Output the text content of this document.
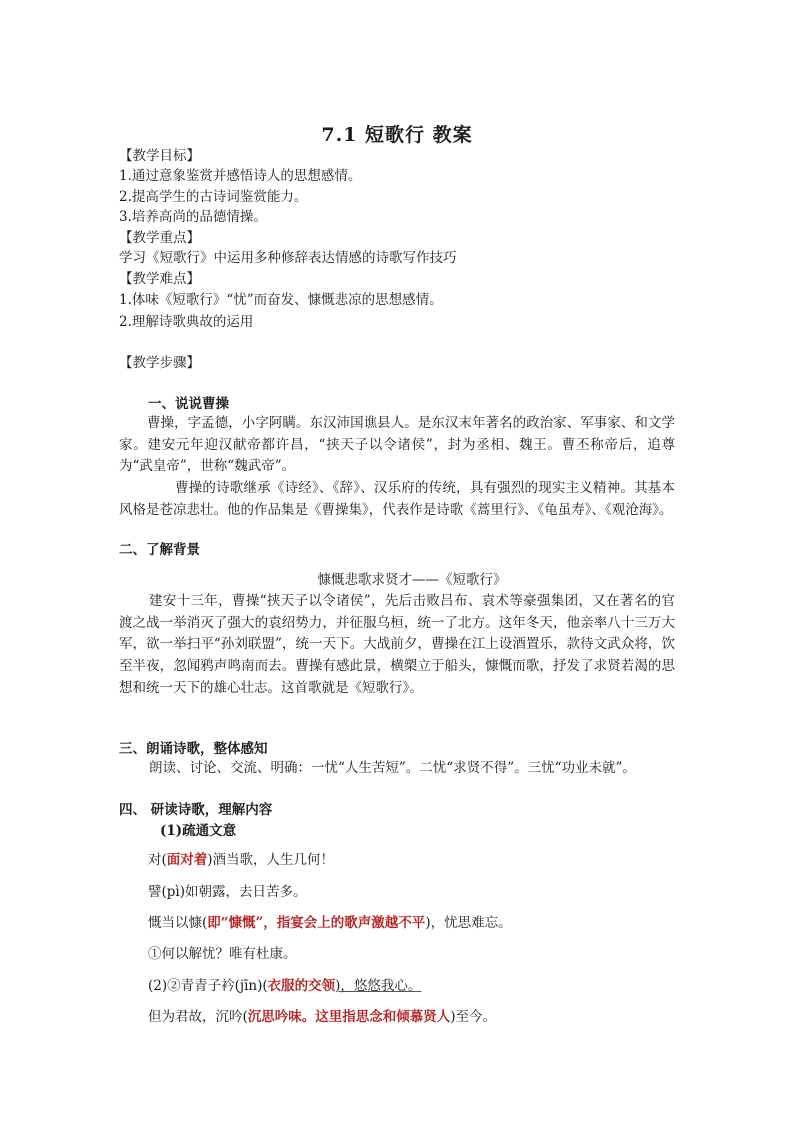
7.1 短歌行 教案
【教学目标】
1.通过意象鉴赏并感悟诗人的思想感情。
2.提高学生的古诗词鉴赏能力。
3.培养高尚的品德情操。
【教学重点】
学习《短歌行》中运用多种修辞表达情感的诗歌写作技巧
【教学难点】
1.体味《短歌行》“忧”而奋发、慷慨悲凉的思想感情。
2.理解诗歌典故的运用
【教学步骤】
一、说说曹操
曹操，字孟德，小字阿瞒。东汉沛国谯县人。是东汉末年著名的政治家、军事家、和文学家。建安元年迎汉献帝都许昌，“挟天子以令诸侯”，封为丞相、魏王。曹丕称帝后，追尊为“武皇帝”，世称“魏武帝”。
曹操的诗歌继承《诗经》、《辞》、汉乐府的传统，具有强烈的现实主义精神。其基本风格是苍凉悲壮。他的作品集是《曹操集》，代表作是诗歌《蒿里行》、《龟虽寿》、《观沧海》。
二、了解背景
慷慨悲歌求贤才——《短歌行》
建安十三年，曹操“挟天子以令诸侯”，先后击败吕布、袁术等豪强集团，又在著名的官渡之战一举消灭了强大的袁绍势力，并征服乌桓，统一了北方。这年冬天，他亲率八十三万大军，欲一举扫平“孙刘联盟”，统一天下。大战前夕，曹操在江上设酒置乐，款待文武众将，饮至半夜，忽闻鸦声鸣南而去。曹操有感此景，横槊立于船头，慷慨而歌，抒发了求贤若渴的思想和统一天下的雄心壮志。这首歌就是《短歌行》。
三、朗诵诗歌，整体感知
朗读、讨论、交流、明确：一忧“人生苦短”。二忧“求贤不得”。三忧“功业未就”。
四、 研读诗歌，理解内容
(1)疏通文意
对(面对着)酒当歌，人生几何！
譬(pì)如朝露，去日苦多。
慨当以慷(即“慷慨”，指宴会上的歌声激越不平)，忧思难忘。
①何以解忧？唯有杜康。
(2)②青青子衿(jīn)(衣服的交领)，悠悠我心。
但为君故，沉吟(沉思吟味。这里指思念和倾慕贤人)至今。
